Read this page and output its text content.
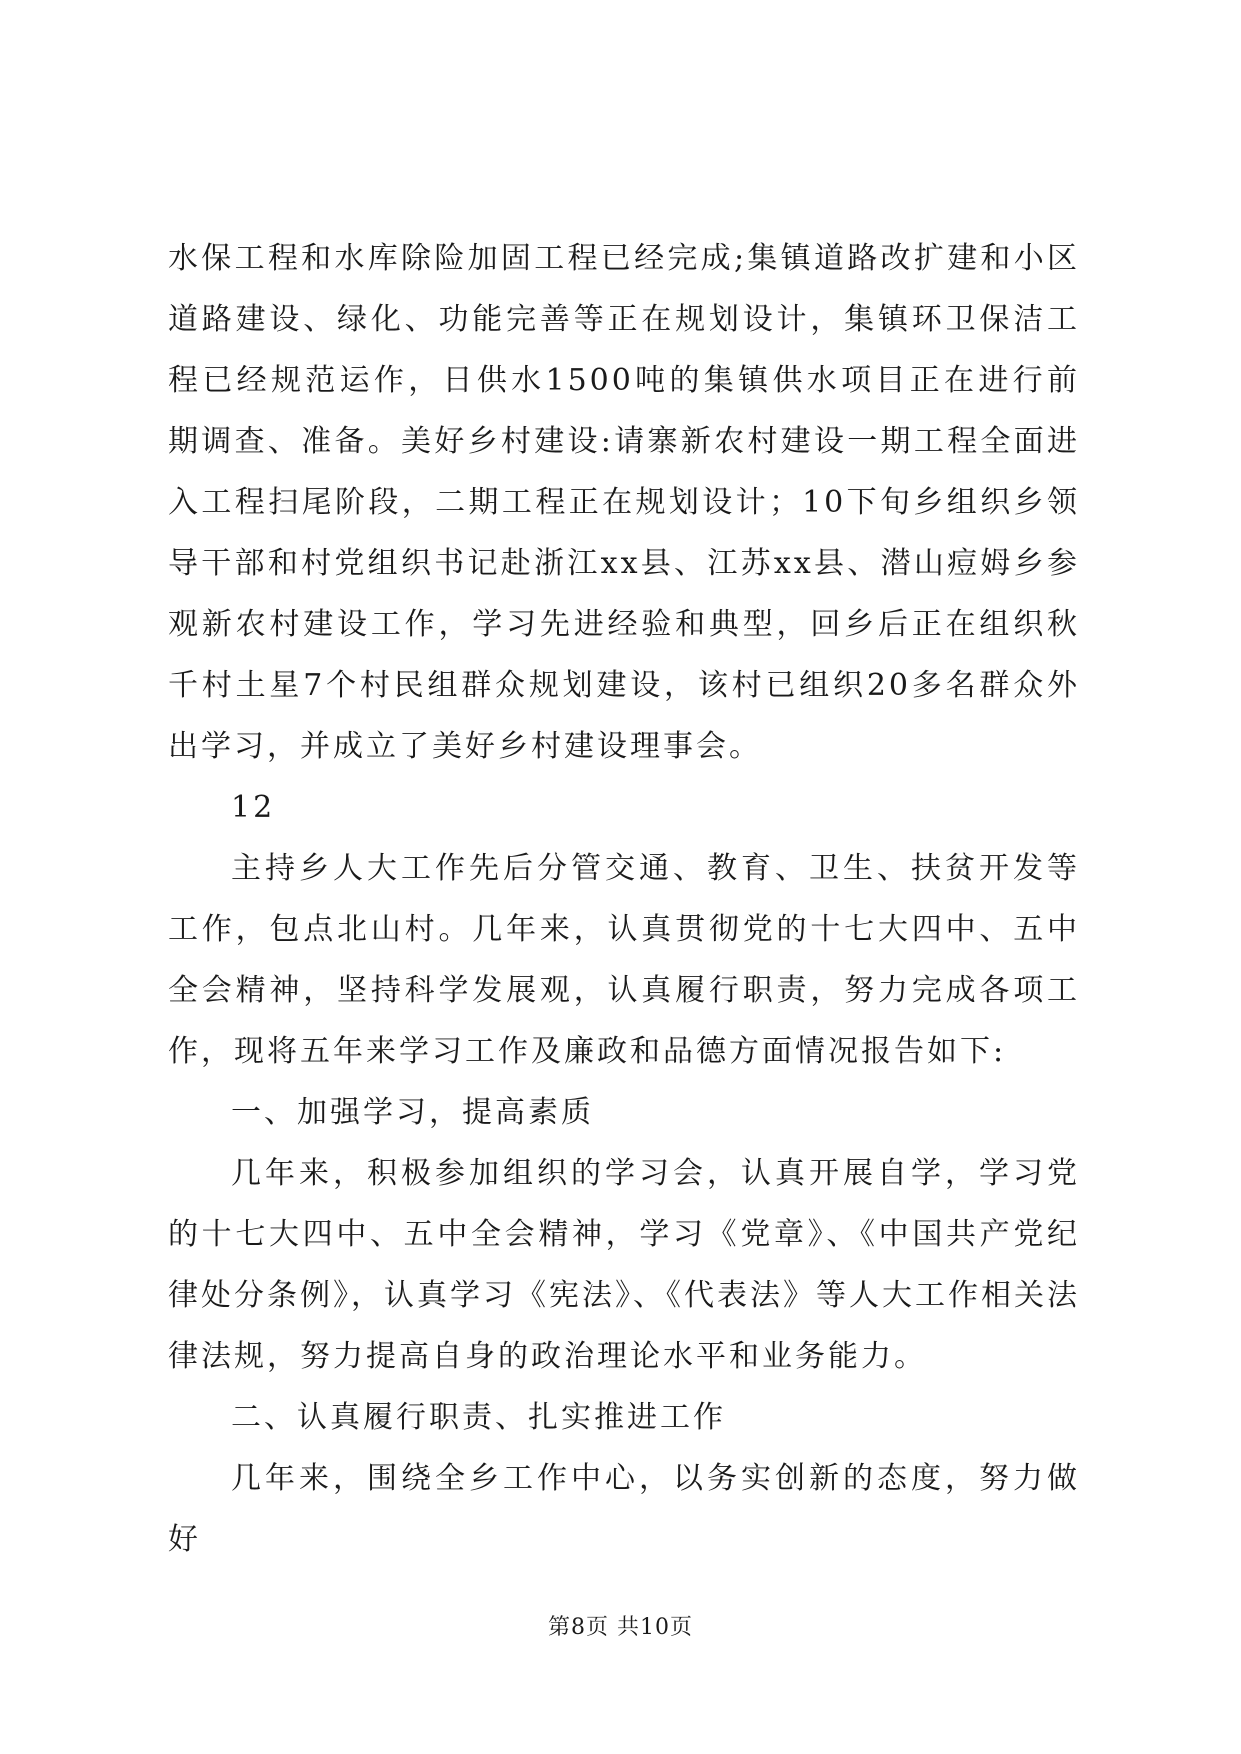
水保工程和水库除险加固工程已经完成;集镇道路改扩建和小区道路建设、绿化、功能完善等正在规划设计，集镇环卫保洁工程已经规范运作，日供水1500吨的集镇供水项目正在进行前期调查、准备。美好乡村建设:请寨新农村建设一期工程全面进入工程扫尾阶段，二期工程正在规划设计；10下旬乡组织乡领导干部和村党组织书记赴浙江xx县、江苏xx县、潜山痘姆乡参观新农村建设工作，学习先进经验和典型，回乡后正在组织秋千村土星7个村民组群众规划建设，该村已组织20多名群众外出学习，并成立了美好乡村建设理事会。

12

主持乡人大工作先后分管交通、教育、卫生、扶贫开发等工作，包点北山村。几年来，认真贯彻党的十七大四中、五中全会精神，坚持科学发展观，认真履行职责，努力完成各项工作，现将五年来学习工作及廉政和品德方面情况报告如下:

一、加强学习，提高素质

几年来，积极参加组织的学习会，认真开展自学，学习党的十七大四中、五中全会精神，学习《党章》、《中国共产党纪律处分条例》，认真学习《宪法》、《代表法》等人大工作相关法律法规，努力提高自身的政治理论水平和业务能力。

二、认真履行职责、扎实推进工作

几年来，围绕全乡工作中心，以务实创新的态度，努力做好

第8页 共10页
